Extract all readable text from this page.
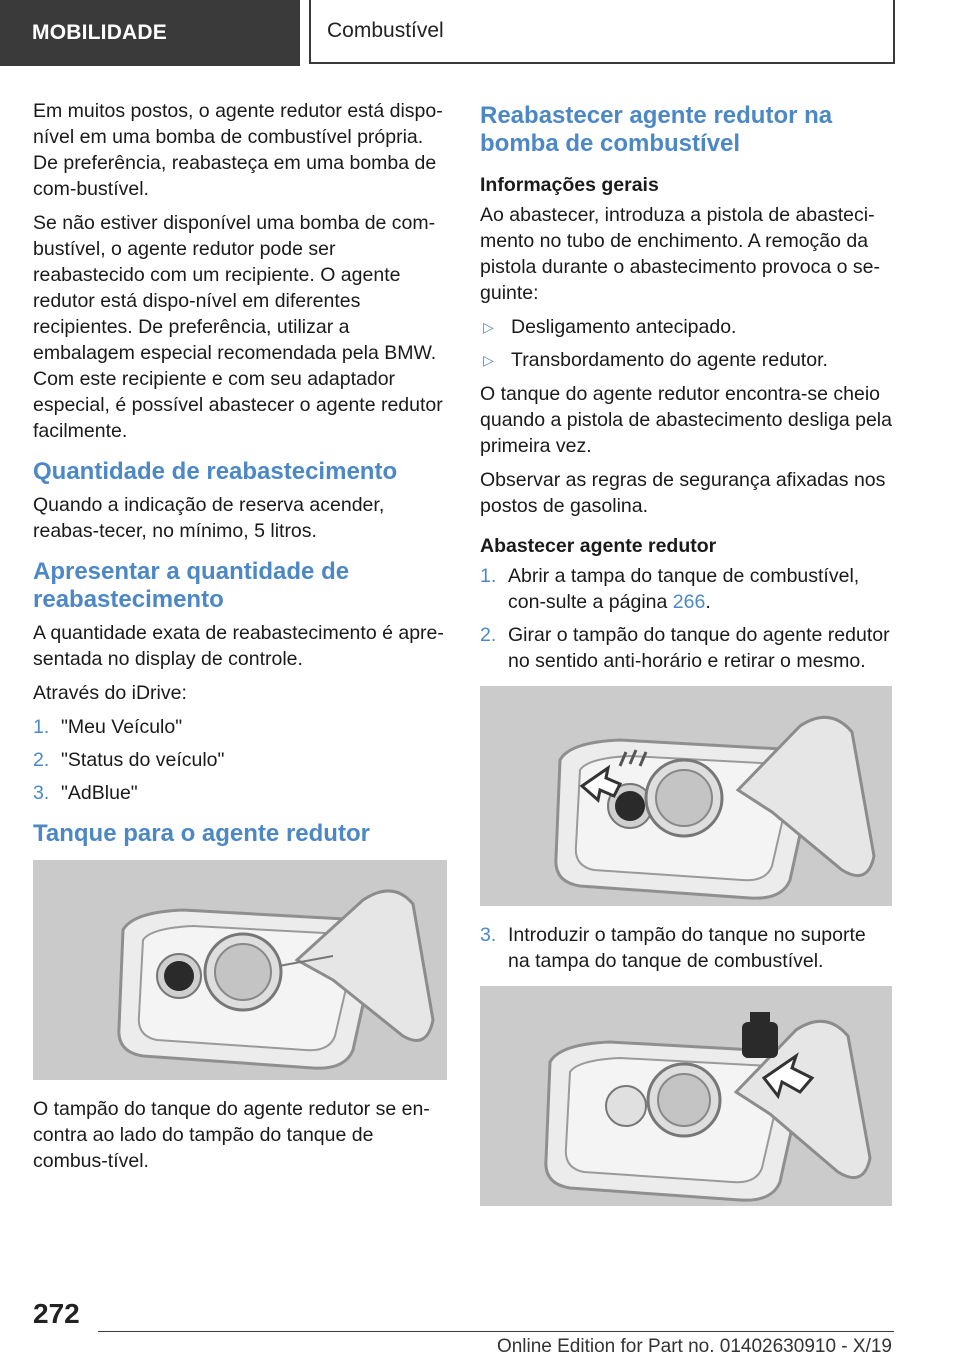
MOBILIDADE	Combustível

Em muitos postos, o agente redutor está dispo-nível em uma bomba de combustível própria. De preferência, reabasteça em uma bomba de com-bustível.

Se não estiver disponível uma bomba de com-bustível, o agente redutor pode ser reabastecido com um recipiente. O agente redutor está dispo-nível em diferentes recipientes. De preferência, utilizar a embalagem especial recomendada pela BMW. Com este recipiente e com seu adaptador especial, é possível abastecer o agente redutor facilmente.

Quantidade de reabastecimento

Quando a indicação de reserva acender, reabas-tecer, no mínimo, 5 litros.

Apresentar a quantidade de reabastecimento

A quantidade exata de reabastecimento é apre-sentada no display de controle.

Através do iDrive:

1. "Meu Veículo"
2. "Status do veículo"
3. "AdBlue"
Tanque para o agente redutor

O tampão do tanque do agente redutor se en-contra ao lado do tampão do tanque de combus-tível.

Reabastecer agente redutor na bomba de combustível
Informações gerais

Ao abastecer, introduza a pistola de abasteci-mento no tubo de enchimento. A remoção da pistola durante o abastecimento provoca o se-guinte:

▷ Desligamento antecipado.
▷ Transbordamento do agente redutor.

O tanque do agente redutor encontra-se cheio quando a pistola de abastecimento desliga pela primeira vez.

Observar as regras de segurança afixadas nos postos de gasolina.

Abastecer agente redutor
1. Abrir a tampa do tanque de combustível, con-sulte a página 266.
2. Girar o tampão do tanque do agente redutor no sentido anti-horário e retirar o mesmo.
3. Introduzir o tampão do tanque no suporte na tampa do tanque de combustível.
272
Online Edition for Part no. 01402630910 - X/19
